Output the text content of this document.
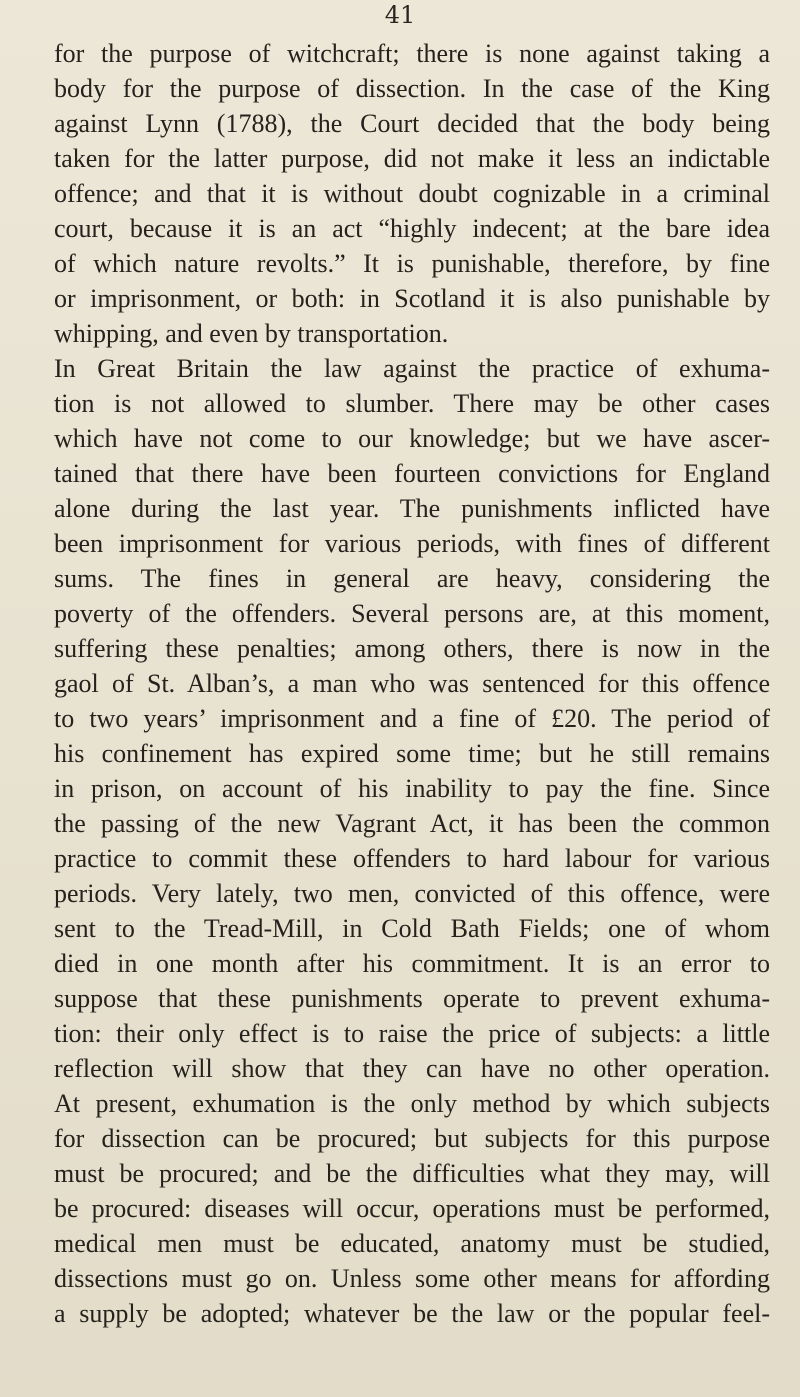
41
for the purpose of witchcraft; there is none against taking a
body for the purpose of dissection. In the case of the King
against Lynn (1788), the Court decided that the body being
taken for the latter purpose, did not make it less an indictable
offence; and that it is without doubt cognizable in a criminal
court, because it is an act “highly indecent; at the bare idea
of which nature revolts.” It is punishable, therefore, by fine
or imprisonment, or both: in Scotland it is also punishable by
whipping, and even by transportation.
In Great Britain the law against the practice of exhuma-
tion is not allowed to slumber. There may be other cases
which have not come to our knowledge; but we have ascer-
tained that there have been fourteen convictions for England
alone during the last year. The punishments inflicted have
been imprisonment for various periods, with fines of different
sums. The fines in general are heavy, considering the
poverty of the offenders. Several persons are, at this moment,
suffering these penalties; among others, there is now in the
gaol of St. Alban’s, a man who was sentenced for this offence
to two years’ imprisonment and a fine of £20. The period of
his confinement has expired some time; but he still remains
in prison, on account of his inability to pay the fine. Since
the passing of the new Vagrant Act, it has been the common
practice to commit these offenders to hard labour for various
periods. Very lately, two men, convicted of this offence, were
sent to the Tread-Mill, in Cold Bath Fields; one of whom
died in one month after his commitment. It is an error to
suppose that these punishments operate to prevent exhuma-
tion: their only effect is to raise the price of subjects: a little
reflection will show that they can have no other operation.
At present, exhumation is the only method by which subjects
for dissection can be procured; but subjects for this purpose
must be procured; and be the difficulties what they may, will
be procured: diseases will occur, operations must be performed,
medical men must be educated, anatomy must be studied,
dissections must go on. Unless some other means for affording
a supply be adopted; whatever be the law or the popular feel-
